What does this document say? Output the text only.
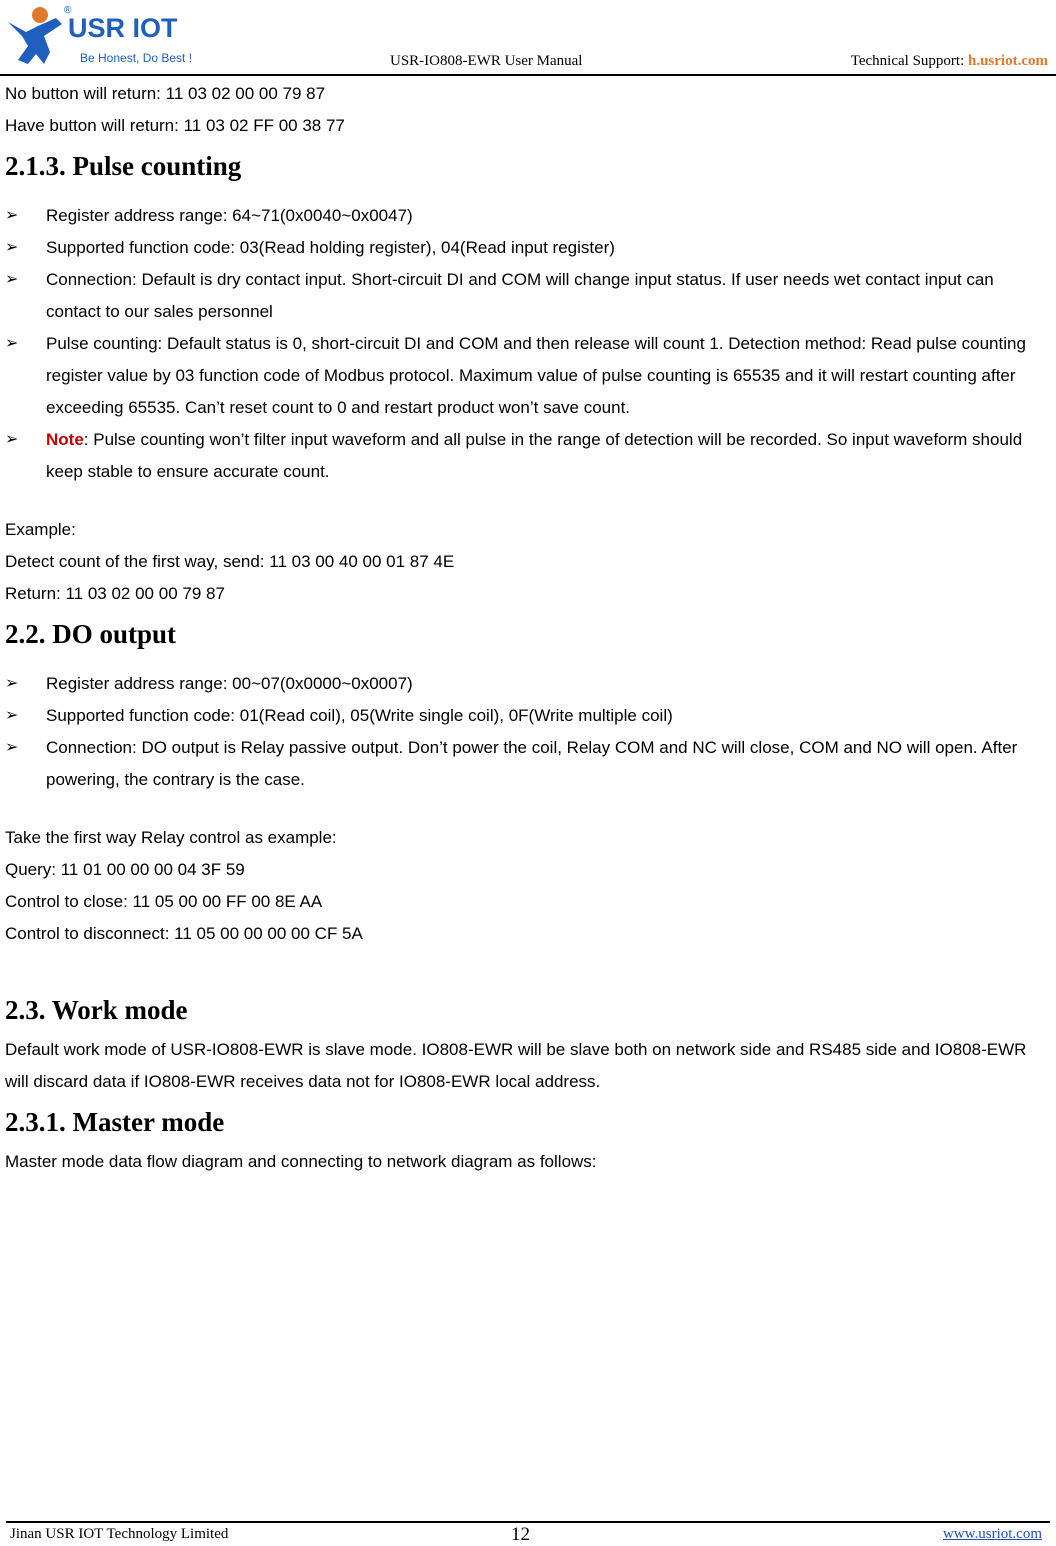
®
USR IOT
Be Honest, Do Best !	USR-IO808-EWR User Manual	Technical Support: h.usriot.com

No button will return: 11 03 02 00 00 79 87

Have button will return: 11 03 02 FF 00 38 77

2.1.3. Pulse counting

➢ Register address range: 64~71(0x0040~0x0047)

➢ Supported function code: 03(Read holding register), 04(Read input register)

➢ Connection: Default is dry contact input. Short-circuit DI and COM will change input status. If user needs wet contact input can contact to our sales personnel

➢ Pulse counting: Default status is 0, short-circuit DI and COM and then release will count 1. Detection method: Read pulse counting register value by 03 function code of Modbus protocol. Maximum value of pulse counting is 65535 and it will restart counting after exceeding 65535. Can’t reset count to 0 and restart product won’t save count.

➢ Note: Pulse counting won’t filter input waveform and all pulse in the range of detection will be recorded. So input waveform should keep stable to ensure accurate count.

Example:

Detect count of the first way, send: 11 03 00 40 00 01 87 4E

Return: 11 03 02 00 00 79 87

2.2. DO output

➢ Register address range: 00~07(0x0000~0x0007)

➢ Supported function code: 01(Read coil), 05(Write single coil), 0F(Write multiple coil)

➢ Connection: DO output is Relay passive output. Don’t power the coil, Relay COM and NC will close, COM and NO will open. After powering, the contrary is the case.

Take the first way Relay control as example:

Query: 11 01 00 00 00 04 3F 59

Control to close: 11 05 00 00 FF 00 8E AA

Control to disconnect: 11 05 00 00 00 00 CF 5A

2.3. Work mode

Default work mode of USR-IO808-EWR is slave mode. IO808-EWR will be slave both on network side and RS485 side and IO808-EWR will discard data if IO808-EWR receives data not for IO808-EWR local address.

2.3.1. Master mode

Master mode data flow diagram and connecting to network diagram as follows:

Jinan USR IOT Technology Limited	12	www.usriot.com
